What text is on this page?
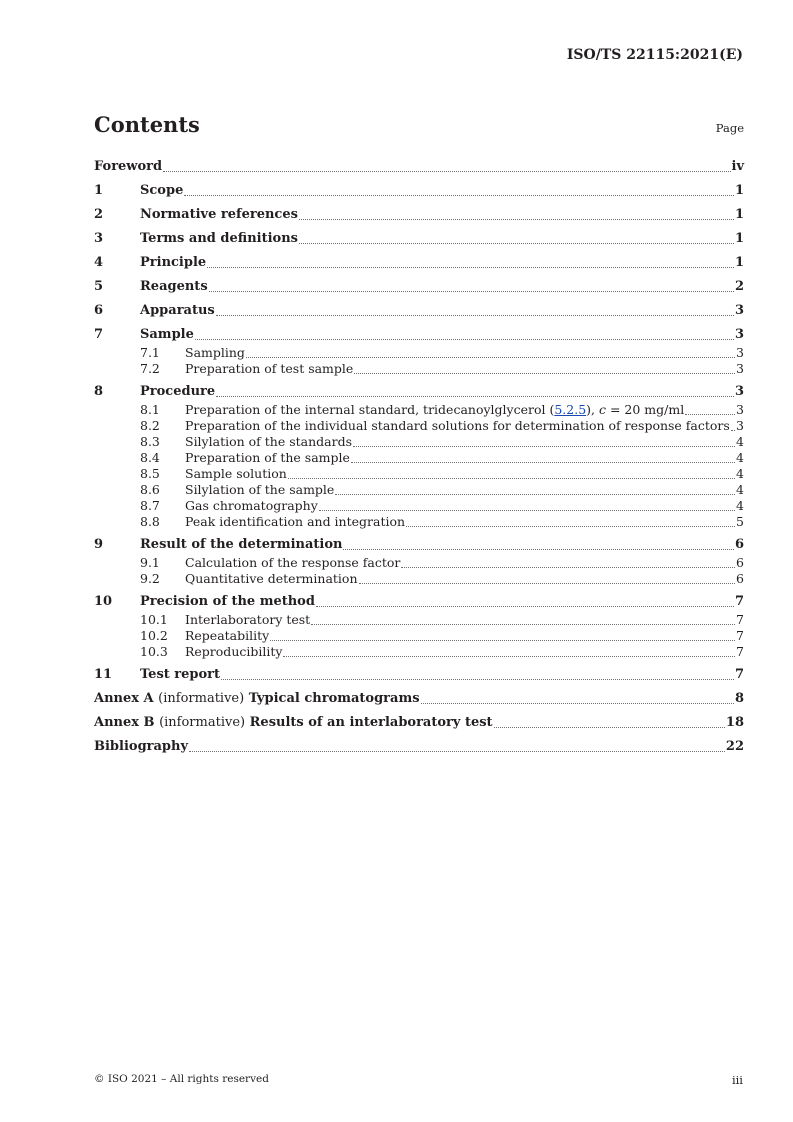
ISO/TS 22115:2021(E)
Contents	Page
Foreword	iv
1	Scope	1
2	Normative references	1
3	Terms and definitions	1
4	Principle	1
5	Reagents	2
6	Apparatus	3
7	Sample	3
7.1	Sampling	3
7.2	Preparation of test sample	3
8	Procedure	3
8.1	Preparation of the internal standard, tridecanoylglycerol (5.2.5), c = 20 mg/ml	3
8.2	Preparation of the individual standard solutions for determination of response factors 3
8.3	Silylation of the standards	4
8.4	Preparation of the sample	4
8.5	Sample solution	4
8.6	Silylation of the sample	4
8.7	Gas chromatography	4
8.8	Peak identification and integration	5
9	Result of the determination	6
9.1	Calculation of the response factor	6
9.2	Quantitative determination	6
10	Precision of the method	7
10.1	Interlaboratory test	7
10.2	Repeatability	7
10.3	Reproducibility	7
11	Test report	7
Annex A (informative) Typical chromatograms	8
Annex B (informative) Results of an interlaboratory test	18
Bibliography	22
© ISO 2021 – All rights reserved	iii
